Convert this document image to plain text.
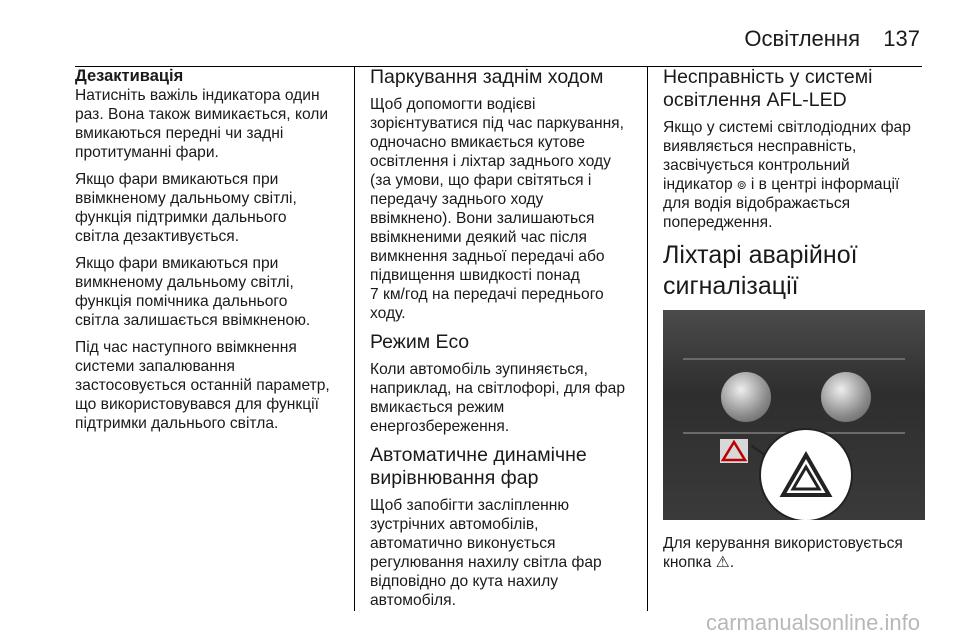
Освітлення 137
Дезактивація

Натисніть важіль індикатора один
раз. Вона також вимикається, коли
вмикаються передні чи задні
протитуманні фари.

Якщо фари вмикаються при
ввімкненому дальньому світлі,
функція підтримки дальнього
світла дезактивується.

Якщо фари вмикаються при
вимкненому дальньому світлі,
функція помічника дальнього
світла залишається ввімкненою.

Під час наступного ввімкнення
системи запалювання
застосовується останній параметр,
що використовувався для функції
підтримки дальнього світла.

Паркування заднім ходом

Щоб допомогти водієві
зорієнтуватися під час паркування,
одночасно вмикається кутове
освітлення і ліхтар заднього ходу
(за умови, що фари світяться і
передачу заднього ходу
ввімкнено). Вони залишаються
ввімкненими деякий час після
вимкнення задньої передачі або
підвищення швидкості понад
7 км/год на передачі переднього
ходу.

Режим Eco

Коли автомобіль зупиняється,
наприклад, на світлофорі, для фар
вмикається режим
енергозбереження.

Автоматичне динамічне
вирівнювання фар

Щоб запобігти засліпленню
зустрічних автомобілів,
автоматично виконується
регулювання нахилу світла фар
відповідно до кута нахилу
автомобіля.

Несправність у системі
освітлення AFL-LED

Якщо у системі світлодіодних фар
виявляється несправність,
засвічується контрольний
індикатор ๏ і в центрі інформації
для водія відображається
попередження.

Ліхтарі аварійної
сигналізації

Для керування використовується
кнопка ⚠.

carmanualsonline.info
